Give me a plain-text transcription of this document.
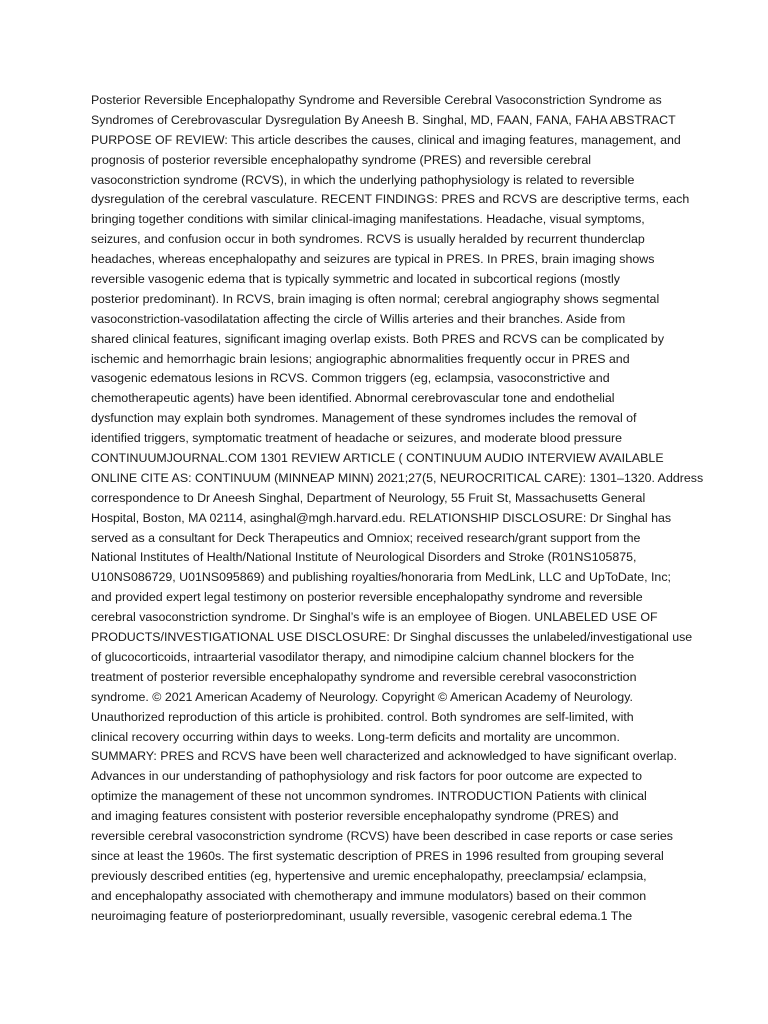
Posterior Reversible Encephalopathy Syndrome and Reversible Cerebral Vasoconstriction Syndrome as
Syndromes of Cerebrovascular Dysregulation By Aneesh B. Singhal, MD, FAAN, FANA, FAHA ABSTRACT
PURPOSE OF REVIEW: This article describes the causes, clinical and imaging features, management, and
prognosis of posterior reversible encephalopathy syndrome (PRES) and reversible cerebral
vasoconstriction syndrome (RCVS), in which the underlying pathophysiology is related to reversible
dysregulation of the cerebral vasculature. RECENT FINDINGS: PRES and RCVS are descriptive terms, each
bringing together conditions with similar clinical-imaging manifestations. Headache, visual symptoms,
seizures, and confusion occur in both syndromes. RCVS is usually heralded by recurrent thunderclap
headaches, whereas encephalopathy and seizures are typical in PRES. In PRES, brain imaging shows
reversible vasogenic edema that is typically symmetric and located in subcortical regions (mostly
posterior predominant). In RCVS, brain imaging is often normal; cerebral angiography shows segmental
vasoconstriction-vasodilatation affecting the circle of Willis arteries and their branches. Aside from
shared clinical features, significant imaging overlap exists. Both PRES and RCVS can be complicated by
ischemic and hemorrhagic brain lesions; angiographic abnormalities frequently occur in PRES and
vasogenic edematous lesions in RCVS. Common triggers (eg, eclampsia, vasoconstrictive and
chemotherapeutic agents) have been identified. Abnormal cerebrovascular tone and endothelial
dysfunction may explain both syndromes. Management of these syndromes includes the removal of
identified triggers, symptomatic treatment of headache or seizures, and moderate blood pressure
CONTINUUMJOURNAL.COM 1301 REVIEW ARTICLE ( CONTINUUM AUDIO INTERVIEW AVAILABLE
ONLINE CITE AS: CONTINUUM (MINNEAP MINN) 2021;27(5, NEUROCRITICAL CARE): 1301–1320. Address
correspondence to Dr Aneesh Singhal, Department of Neurology, 55 Fruit St, Massachusetts General
Hospital, Boston, MA 02114, asinghal@mgh.harvard.edu. RELATIONSHIP DISCLOSURE: Dr Singhal has
served as a consultant for Deck Therapeutics and Omniox; received research/grant support from the
National Institutes of Health/National Institute of Neurological Disorders and Stroke (R01NS105875,
U10NS086729, U01NS095869) and publishing royalties/honoraria from MedLink, LLC and UpToDate, Inc;
and provided expert legal testimony on posterior reversible encephalopathy syndrome and reversible
cerebral vasoconstriction syndrome. Dr Singhal’s wife is an employee of Biogen. UNLABELED USE OF
PRODUCTS/INVESTIGATIONAL USE DISCLOSURE: Dr Singhal discusses the unlabeled/investigational use
of glucocorticoids, intraarterial vasodilator therapy, and nimodipine calcium channel blockers for the
treatment of posterior reversible encephalopathy syndrome and reversible cerebral vasoconstriction
syndrome. © 2021 American Academy of Neurology. Copyright © American Academy of Neurology.
Unauthorized reproduction of this article is prohibited. control. Both syndromes are self-limited, with
clinical recovery occurring within days to weeks. Long-term deficits and mortality are uncommon.
SUMMARY: PRES and RCVS have been well characterized and acknowledged to have significant overlap.
Advances in our understanding of pathophysiology and risk factors for poor outcome are expected to
optimize the management of these not uncommon syndromes. INTRODUCTION Patients with clinical
and imaging features consistent with posterior reversible encephalopathy syndrome (PRES) and
reversible cerebral vasoconstriction syndrome (RCVS) have been described in case reports or case series
since at least the 1960s. The first systematic description of PRES in 1996 resulted from grouping several
previously described entities (eg, hypertensive and uremic encephalopathy, preeclampsia/ eclampsia,
and encephalopathy associated with chemotherapy and immune modulators) based on their common
neuroimaging feature of posteriorpredominant, usually reversible, vasogenic cerebral edema.1 The
